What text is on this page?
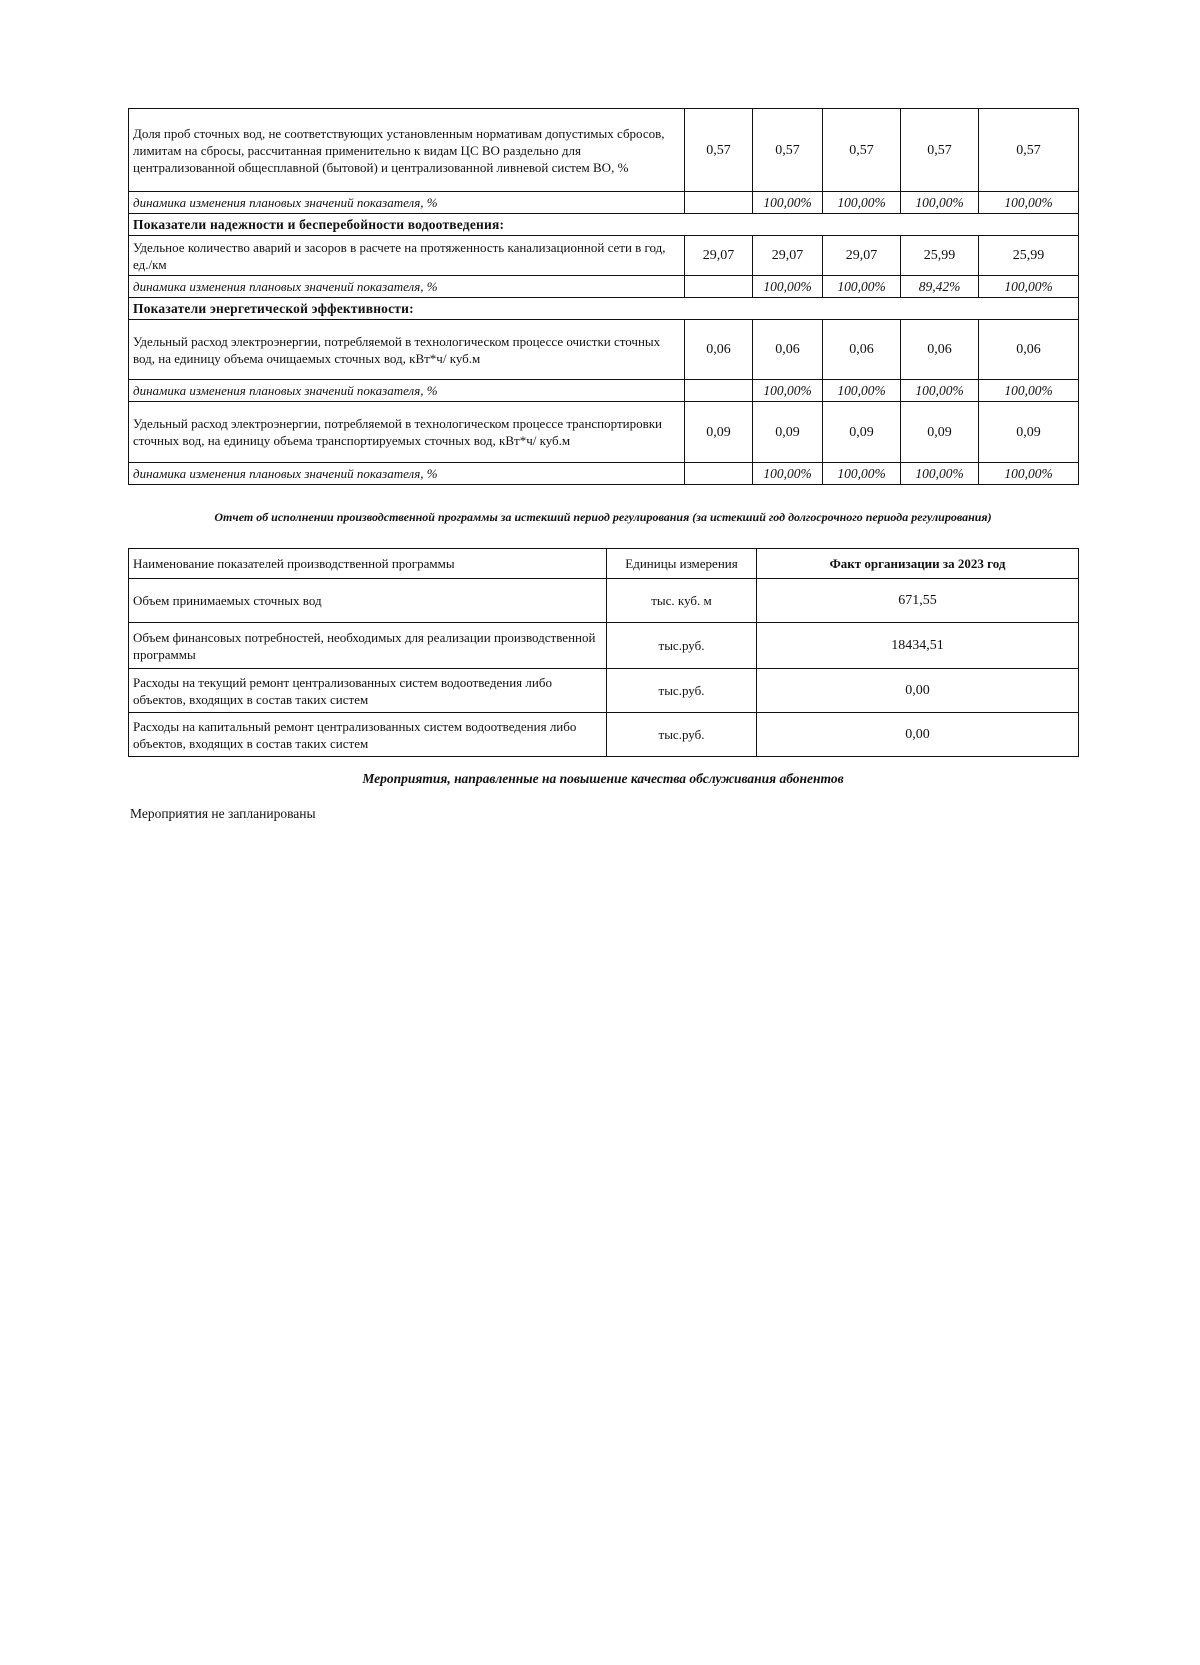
Доля проб сточных вод, не соответствующих установленным нормативам допустимых сбросов, лимитам на сбросы, рассчитанная применительно к видам ЦС ВО раздельно для централизованной общесплавной (бытовой) и централизованной ливневой систем ВО, %	0,57	0,57	0,57	0,57	0,57
динамика изменения плановых значений показателя, %		100,00%	100,00%	100,00%	100,00%
Показатели надежности и бесперебойности водоотведения:					
Удельное количество аварий и засоров в расчете на протяженность канализационной сети в год, ед./км	29,07	29,07	29,07	25,99	25,99
динамика изменения плановых значений показателя, %		100,00%	100,00%	89,42%	100,00%
Показатели энергетической эффективности:					
Удельный расход электроэнергии, потребляемой в технологическом процессе очистки сточных вод, на единицу объема очищаемых сточных вод, кВт*ч/ куб.м	0,06	0,06	0,06	0,06	0,06
динамика изменения плановых значений показателя, %		100,00%	100,00%	100,00%	100,00%
Удельный расход электроэнергии, потребляемой в технологическом процессе транспортировки сточных вод, на единицу объема транспортируемых сточных вод, кВт*ч/ куб.м	0,09	0,09	0,09	0,09	0,09
динамика изменения плановых значений показателя, %		100,00%	100,00%	100,00%	100,00%
Отчет об исполнении производственной программы за истекший период регулирования (за истекший год долгосрочного периода регулирования)
Наименование показателей производственной программы	Единицы измерения	Факт организации за 2023 год
Объем принимаемых сточных вод	тыс. куб. м	671,55
Объем финансовых потребностей, необходимых для реализации производственной программы	тыс.руб.	18434,51
Расходы на текущий ремонт централизованных систем водоотведения либо объектов, входящих в состав таких систем	тыс.руб.	0,00
Расходы на капитальный ремонт централизованных систем водоотведения либо объектов, входящих в состав таких систем	тыс.руб.	0,00
Мероприятия, направленные на повышение качества обслуживания абонентов
Мероприятия не запланированы
